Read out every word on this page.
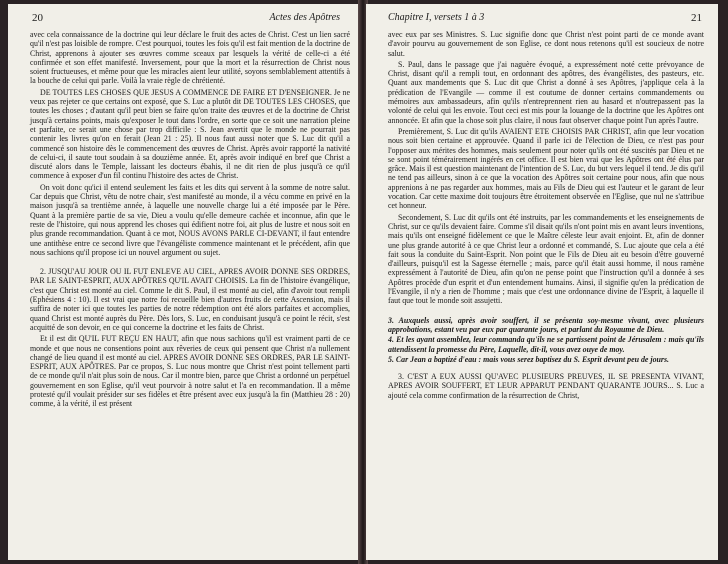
20	Actes des Apôtres

avec cela connaissance de la doctrine qui leur déclare le fruit des actes de Christ. C'est un lien sacré qu'il n'est pas loisible de rompre. C'est pourquoi, toutes les fois qu'il est fait mention de la doctrine de Christ, apprenons à ajouter ses œuvres comme sceaux par lesquels la vérité de celle-ci a été confirmée et son effet manifesté. Inversement, pour que la mort et la résurrection de Christ nous soient fructueuses, et même pour que les miracles aient leur utilité, soyons semblablement attentifs à la bouche de celui qui parle. Voilà la vraie règle de chrétienté.

DE TOUTES LES CHOSES QUE JESUS A COMMENCE DE FAIRE ET D'ENSEIGNER. Je ne veux pas rejeter ce que certains ont exposé, que S. Luc a plutôt dit DE TOUTES LES CHOSES, que toutes les choses ; d'autant qu'il peut bien se faire qu'on traite des œuvres et de la doctrine de Christ jusqu'à certains points, mais qu'exposer le tout dans l'ordre, en sorte que ce soit une narration pleine et parfaite, ce serait une chose par trop difficile : S. Jean avertit que le monde ne pourrait pas contenir les livres qu'on en ferait (Jean 21 : 25). Il nous faut aussi noter que S. Luc dit qu'il a commencé son histoire dès le commencement des œuvres de Christ. Après avoir rapporté la nativité de celui-ci, il saute tout soudain à sa douzième année. Et, après avoir indiqué en bref que Christ a discuté alors dans le Temple, laissant les docteurs ébahis, il ne dit rien de plus jusqu'à ce qu'il commence à exposer d'un fil continu l'histoire des actes de Christ.

On voit donc qu'ici il entend seulement les faits et les dits qui servent à la somme de notre salut. Car depuis que Christ, vêtu de notre chair, s'est manifesté au monde, il a vécu comme en privé en la maison jusqu'à sa trentième année, à laquelle une nouvelle charge lui a été imposée par le Père. Quant à la première partie de sa vie, Dieu a voulu qu'elle demeure cachée et inconnue, afin que le reste de l'histoire, qui nous apprend les choses qui édifient notre foi, ait plus de lustre et nous soit en plus grande recommandation. Quant à ce mot, NOUS AVONS PARLE CI-DEVANT, il faut entendre une antithèse entre ce second livre que l'évangéliste commence maintenant et le précédent, afin que nous sachions qu'il propose ici un nouvel argument ou sujet.

2. JUSQU'AU JOUR OU IL FUT ENLEVE AU CIEL, APRES AVOIR DONNE SES ORDRES, PAR LE SAINT-ESPRIT, AUX APÔTRES QU'IL AVAIT CHOISIS. La fin de l'histoire évangélique, c'est que Christ est monté au ciel. Comme le dit S. Paul, il est monté au ciel, afin d'avoir tout rempli (Ephésiens 4 : 10). Il est vrai que notre foi recueille bien d'autres fruits de cette Ascension, mais il suffira de noter ici que toutes les parties de notre rédemption ont été alors parfaites et accomplies, quand Christ est monté auprès du Père. Dès lors, S. Luc, en conduisant jusqu'à ce point le récit, s'est acquitté de son devoir, en ce qui concerne la doctrine et les faits de Christ.

Et il est dit QU'IL FUT REÇU EN HAUT, afin que nous sachions qu'il est vraiment parti de ce monde et que nous ne consentions point aux rêveries de ceux qui pensent que Christ n'a nullement changé de lieu quand il est monté au ciel. APRES AVOIR DONNE SES ORDRES, PAR LE SAINT-ESPRIT, AUX APÔTRES. Par ce propos, S. Luc nous montre que Christ n'est point tellement parti de ce monde qu'il n'ait plus soin de nous. Car il montre bien, parce que Christ a ordonné un perpétuel gouvernement en son Eglise, qu'il veut pourvoir à notre salut et l'a en recommandation. Il a même protesté qu'il voulait présider sur ses fidèles et être présent avec eux jusqu'à la fin (Matthieu 28 : 20) comme, à la vérité, il est présent

Chapitre I, versets 1 à 3	21

avec eux par ses Ministres. S. Luc signifie donc que Christ n'est point parti de ce monde avant d'avoir pourvu au gouvernement de son Eglise, ce dont nous retenons qu'il est soucieux de notre salut.

S. Paul, dans le passage que j'ai naguère évoqué, a expressément noté cette prévoyance de Christ, disant qu'il a rempli tout, en ordonnant des apôtres, des évangélistes, des pasteurs, etc. Quant aux mandements que S. Luc dit que Christ a donné à ses Apôtres, j'applique cela à la prédication de l'Evangile — comme il est coutume de donner certains commandements ou mémoires aux ambassadeurs, afin qu'ils n'entreprennent rien au hasard et n'outrepassent pas la volonté de celui qui les envoie. Tout ceci est mis pour la louange de la doctrine que les Apôtres ont annoncée. Et afin que la chose soit plus claire, il nous faut observer chaque point l'un après l'autre.

Premièrement, S. Luc dit qu'ils AVAIENT ETE CHOISIS PAR CHRIST, afin que leur vocation nous soit bien certaine et approuvée. Quand il parle ici de l'élection de Dieu, ce n'est pas pour l'opposer aux mérites des hommes, mais seulement pour noter qu'ils ont été suscités par Dieu et ne se sont point témérairement ingérés en cet office. Il est bien vrai que les Apôtres ont été élus par grâce. Mais il est question maintenant de l'intention de S. Luc, du but vers lequel il tend. Je dis qu'il ne tend pas ailleurs, sinon à ce que la vocation des Apôtres soit certaine pour nous, afin que nous apprenions à ne pas regarder aux hommes, mais au Fils de Dieu qui est l'auteur et le garant de leur vocation. Car cette maxime doit toujours être étroitement observée en l'Eglise, que nul ne s'attribue cet honneur.

Secondement, S. Luc dit qu'ils ont été instruits, par les commandements et les enseignements de Christ, sur ce qu'ils devaient faire. Comme s'il disait qu'ils n'ont point mis en avant leurs inventions, mais qu'ils ont enseigné fidèlement ce que le Maître céleste leur avait enjoint. Et, afin de donner une plus grande autorité à ce que Christ leur a ordonné et commandé, S. Luc ajoute que cela a été fait sous la conduite du Saint-Esprit. Non point que le Fils de Dieu ait eu besoin d'être gouverné d'ailleurs, puisqu'il est la Sagesse éternelle ; mais, parce qu'il était aussi homme, il nous ramène expressément à l'autorité de Dieu, afin qu'on ne pense point que l'instruction qu'il a donnée à ses Apôtres procède d'un esprit et d'un entendement humains. Ainsi, il signifie qu'en la prédication de l'Evangile, il n'y a rien de l'homme ; mais que c'est une ordonnance divine de l'Esprit, à laquelle il faut que tout le monde soit assujetti.

3. Auxquels aussi, après avoir souffert, il se présenta soy-mesme vivant, avec plusieurs approbations, estant veu par eux par quarante jours, et parlant du Royaume de Dieu.

4. Et les ayant assemblez, leur commanda qu'ils ne se partissent point de Jérusalem : mais qu'ils attendissent la promesse du Père, Laquelle, dit-il, vous avez ouye de moy.

5. Car Jean a baptizé d'eau : mais vous serez baptisez du S. Esprit devant peu de jours.

3. C'EST A EUX AUSSI QU'AVEC PLUSIEURS PREUVES, IL SE PRESENTA VIVANT, APRES AVOIR SOUFFERT, ET LEUR APPARUT PENDANT QUARANTE JOURS... S. Luc a ajouté cela comme confirmation de la résurrection de Christ,
